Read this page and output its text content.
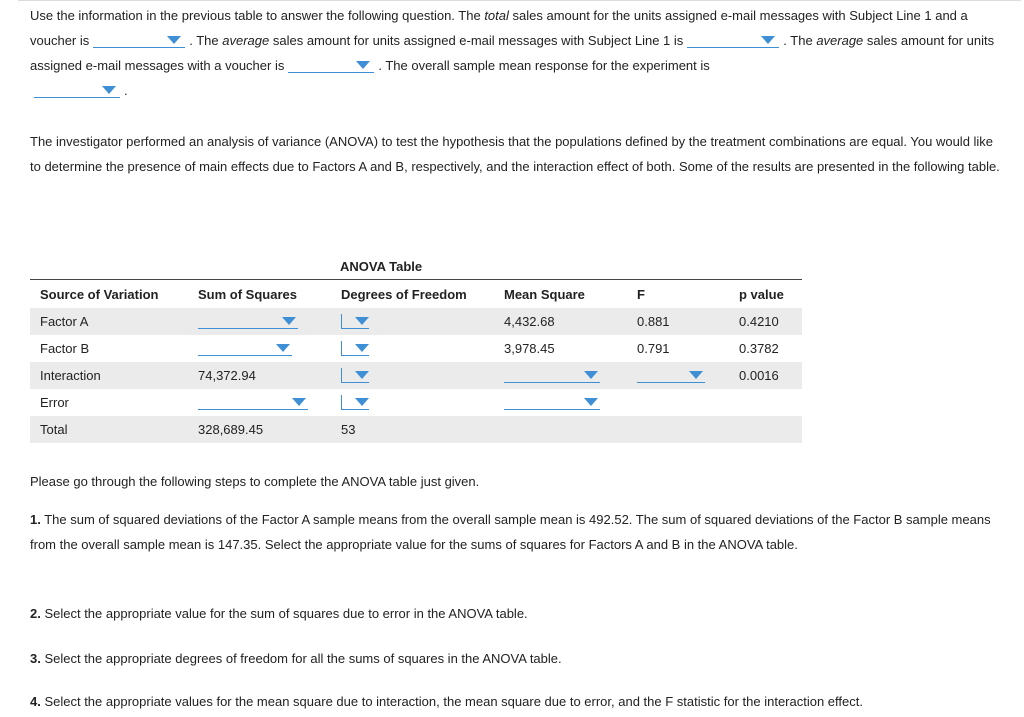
Use the information in the previous table to answer the following question. The total sales amount for the units assigned e-mail messages with Subject Line 1 and a voucher is	. The average sales amount for units assigned e-mail messages with Subject Line 1 is	. The average sales amount for units assigned e-mail messages with a voucher is	. The overall sample mean response for the experiment is

.

The investigator performed an analysis of variance (ANOVA) to test the hypothesis that the populations defined by the treatment combinations are equal. You would like to determine the presence of main effects due to Factors A and B, respectively, and the interaction effect of both. Some of the results are presented in the following table.

ANOVA Table
Source of Variation	Sum of Squares	Degrees of Freedom	Mean Square	F	p value
Factor A			4,432.68	0.881	0.4210
Factor B			3,978.45	0.791	0.3782
Interaction	74,372.94				0.0016
Error	

Total	328,689.45	53			

Please go through the following steps to complete the ANOVA table just given.

1. The sum of squared deviations of the Factor A sample means from the overall sample mean is 492.52. The sum of squared deviations of the Factor B sample means from the overall sample mean is 147.35. Select the appropriate value for the sums of squares for Factors A and B in the ANOVA table.

2. Select the appropriate value for the sum of squares due to error in the ANOVA table.

3. Select the appropriate degrees of freedom for all the sums of squares in the ANOVA table.

4. Select the appropriate values for the mean square due to interaction, the mean square due to error, and the F statistic for the interaction effect.
